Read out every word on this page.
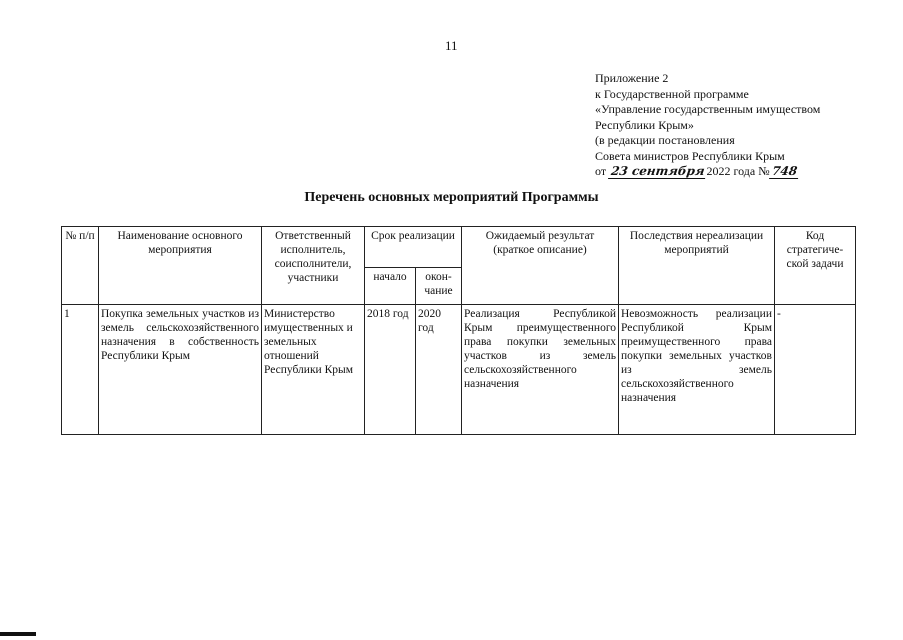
11
Приложение 2
к Государственной программе
«Управление государственным имуществом
Республики Крым»
(в редакции постановления
Совета министров Республики Крым
от 23 сентября2022 года №748
Перечень основных мероприятий Программы
№ п/п	Наименование основного мероприятия	Ответственный исполнитель, соисполнители, участники	Срок реализации		Ожидаемый результат (краткое описание)	Последствия нереализации мероприятий	Код стратегиче-ской задачи
			начало	окон-чание			
1	Покупка земельных участков из земель сельскохозяйственного назначения в собственность Республики Крым	Министерство имущественных и земельных отношений Республики Крым	2018 год	2020 год	Реализация Республикой Крым преимущественного права покупки земельных участков из земель сельскохозяйственного назначения	Невозможность реализации Республикой Крым преимущественного права покупки земельных участков из земель сельскохозяйственного назначения	-
